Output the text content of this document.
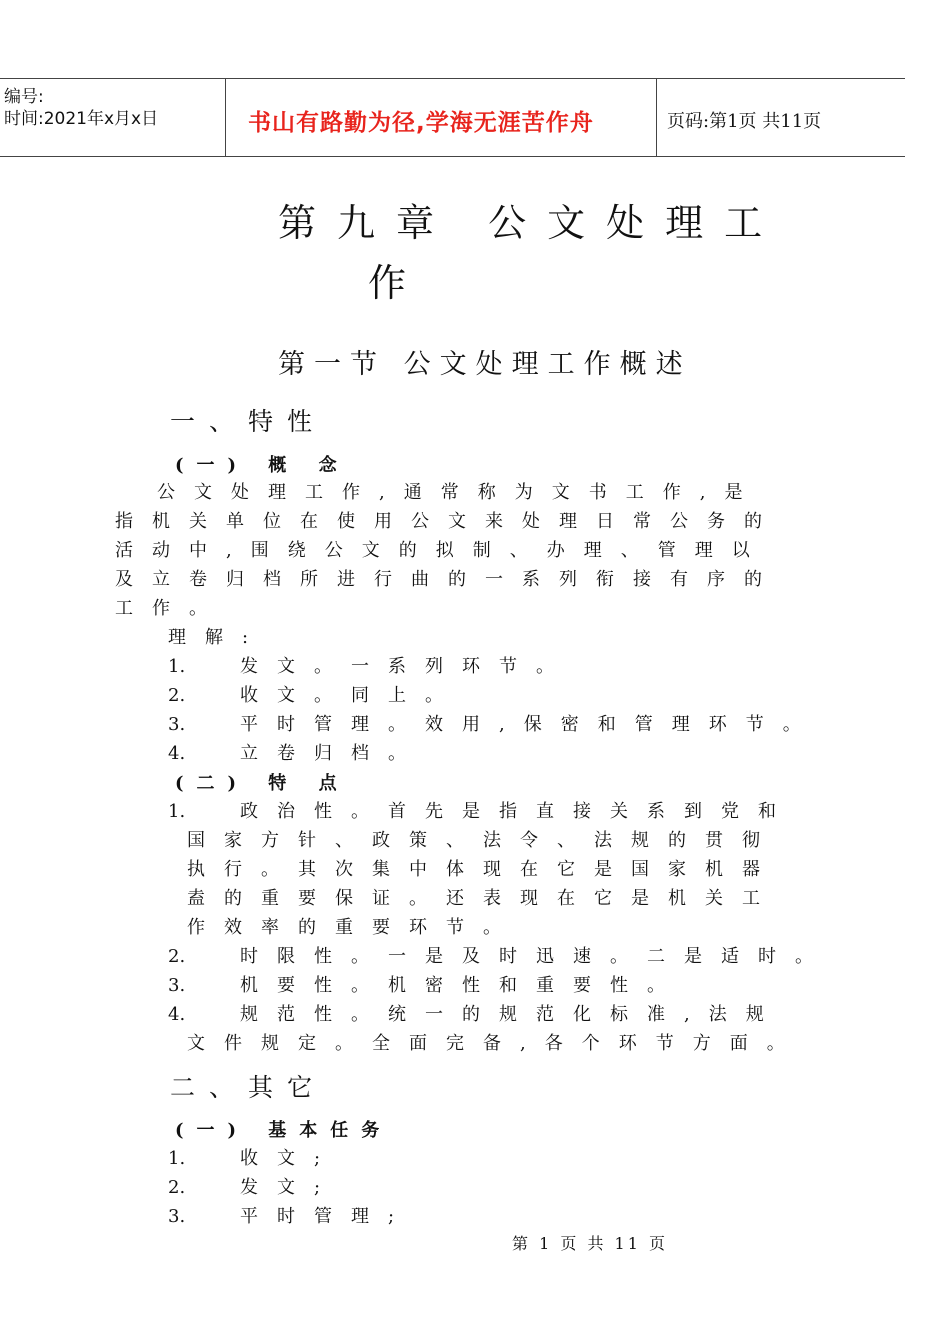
编号:
时间:2021年x月x日	书山有路勤为径,学海无涯苦作舟	页码:第1页 共11页
第九章 公文处理工
作
第一节 公文处理工作概述
一、特性
(一) 概 念
公文处理工作,通常称为文书工作,是
指机关单位在使用公文来处理日常公务的
活动中,围绕公文的拟制、办理、管理以
及立卷归档所进行曲的一系列衔接有序的
工作。
理解:
1.	发文。一系列环节。
2.	收文。同上。
3.	平时管理。效用,保密和管理环节。
4.	立卷归档。
(二) 特 点
1.	政治性。首先是指直接关系到党和
国家方针、政策、法令、法规的贯彻
执行。其次集中体现在它是国家机器
盍的重要保证。还表现在它是机关工
作效率的重要环节。
2.	时限性。一是及时迅速。二是适时。
3.	机要性。机密性和重要性。
4.	规范性。统一的规范化标准,法规
文件规定。全面完备,各个环节方面。
二、其它
(一) 基本任务
1.	收文;
2.	发文;
3.	平时管理;
第 1 页 共 11 页
